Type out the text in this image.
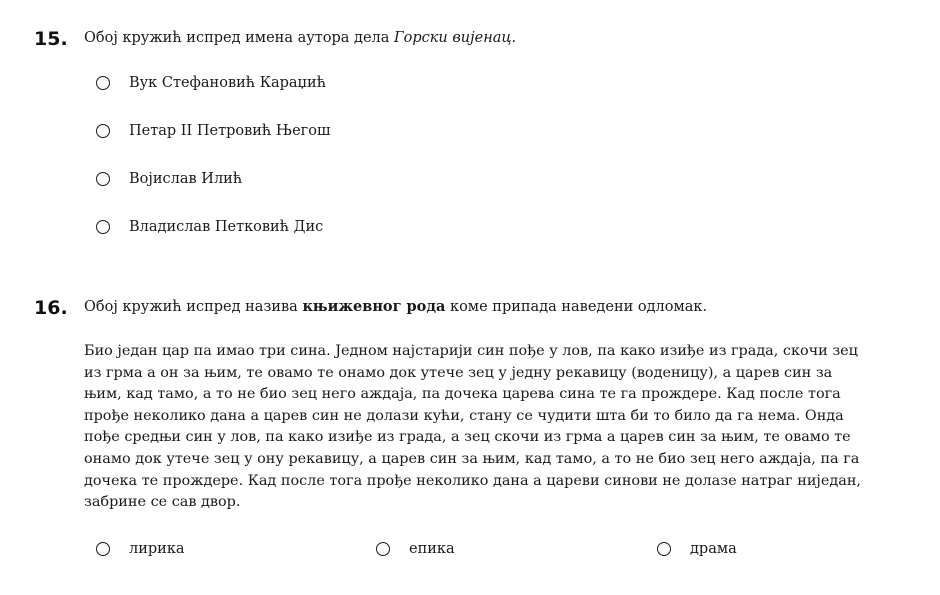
15. Обој кружић испред имена аутора дела Горски вијенац.
Вук Стефановић Караџић
Петар II Петровић Његош
Војислав Илић
Владислав Петковић Дис
16. Обој кружић испред назива књижевног рода коме припада наведени одломак.
Био један цар па имао три сина. Једном најстарији син пође у лов, па како изиђе из града, скочи зец
из грма а он за њим, те овамо те онамо док утече зец у једну рекавицу (воденицу), а царев син за
њим, кад тамо, а то не био зец него аждаја, па дочека царева сина те га прождере. Кад после тога
прође неколико дана а царев син не долази кући, стану се чудити шта би то било да га нема. Онда
пође средњи син у лов, па како изиђе из града, а зец скочи из грма а царев син за њим, те овамо те
онамо док утече зец у ону рекавицу, а царев син за њим, кад тамо, а то не био зец него аждаја, па га
дочека те прождере. Кад после тога прође неколико дана а цареви синови не долазе натраг ниједан,
забрине се сав двор.
лирика	епика	драма
